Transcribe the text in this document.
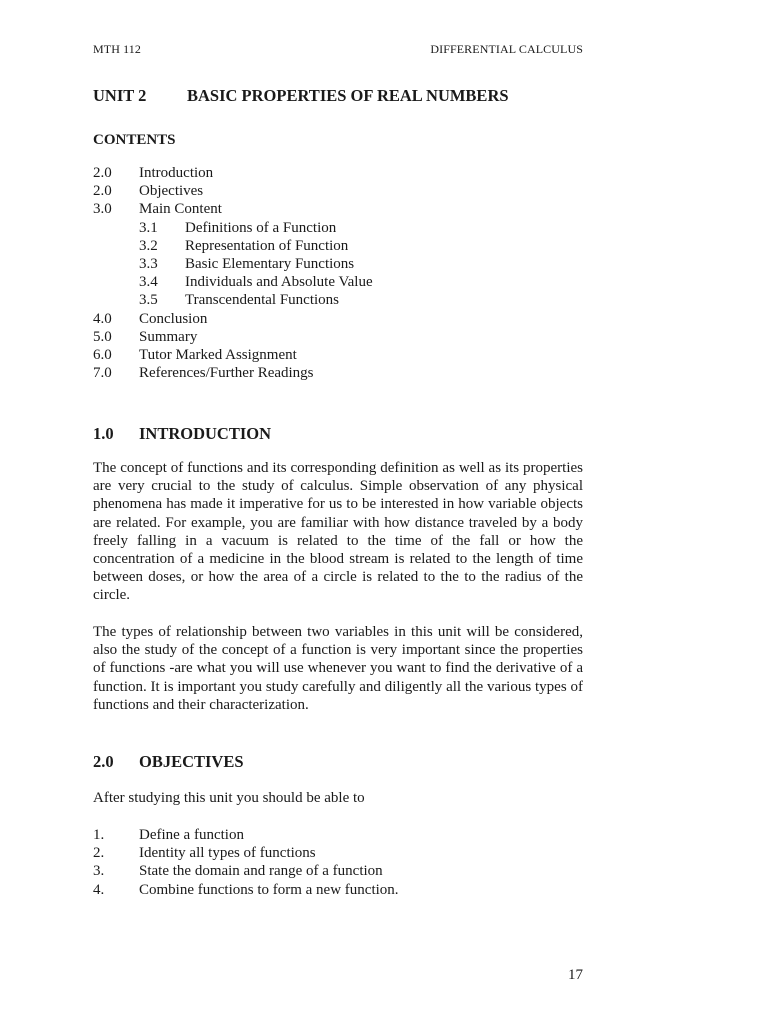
MTH 112	DIFFERENTIAL CALCULUS
UNIT 2	BASIC PROPERTIES OF REAL NUMBERS
CONTENTS
2.0	Introduction
2.0	Objectives
3.0	Main Content
3.1	Definitions of a Function
3.2	Representation of Function
3.3	Basic Elementary Functions
3.4	Individuals and Absolute Value
3.5	Transcendental Functions
4.0	Conclusion
5.0	Summary
6.0	Tutor Marked Assignment
7.0	References/Further Readings
1.0	INTRODUCTION

The concept of functions and its corresponding definition as well as its properties are very crucial to the study of calculus. Simple observation of any physical phenomena has made it imperative for us to be interested in how variable objects are related. For example, you are familiar with how distance traveled by a body freely falling in a vacuum is related to the time of the fall or how the concentration of a medicine in the blood stream is related to the length of time between doses, or how the area of a circle is related to the to the radius of the circle.

The types of relationship between two variables in this unit will be considered, also the study of the concept of a function is very important since the properties of functions -are what you will use whenever you want to find the derivative of a function. It is important you study carefully and diligently all the various types of functions and their characterization.

2.0	OBJECTIVES

After studying this unit you should be able to

1.	Define a function
2.	Identity all types of functions
3.	State the domain and range of a function
4.	Combine functions to form a new function.
17
